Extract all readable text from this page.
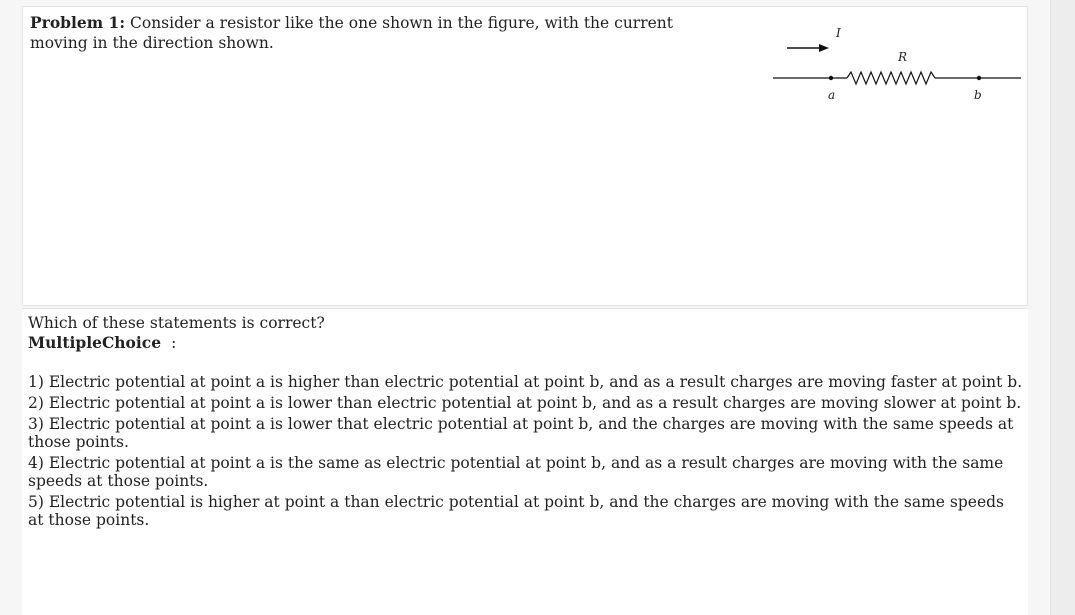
Problem 1: Consider a resistor like the one shown in the figure, with the current moving in the direction shown.

I
R
a	b

Which of these statements is correct?

MultipleChoice :
1) Electric potential at point a is higher than electric potential at point b, and as a result charges are moving faster at point b.
2) Electric potential at point a is lower than electric potential at point b, and as a result charges are moving slower at point b.
3) Electric potential at point a is lower that electric potential at point b, and the charges are moving with the same speeds at those points.
4) Electric potential at point a is the same as electric potential at point b, and as a result charges are moving with the same speeds at those points.
5) Electric potential is higher at point a than electric potential at point b, and the charges are moving with the same speeds at those points.
